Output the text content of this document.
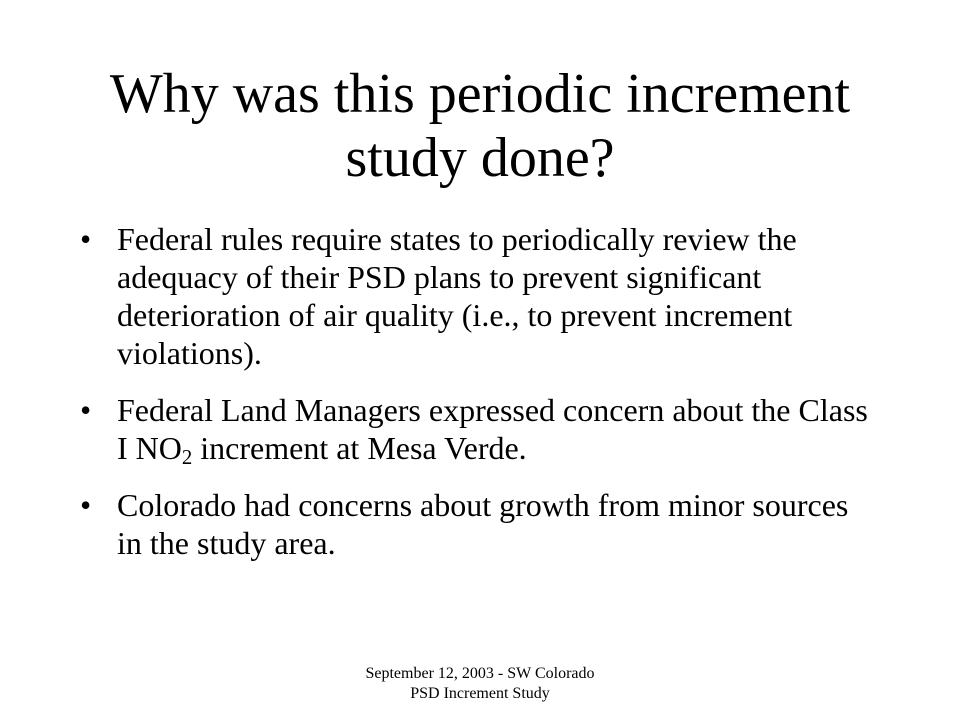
Why was this periodic increment study done?
• Federal rules require states to periodically review the adequacy of their PSD plans to prevent significant deterioration of air quality (i.e., to prevent increment violations).
• Federal Land Managers expressed concern about the Class I $NO_2$ increment at Mesa Verde.
• Colorado had concerns about growth from minor sources in the study area.
September 12, 2003 - SW Colorado
PSD Increment Study
